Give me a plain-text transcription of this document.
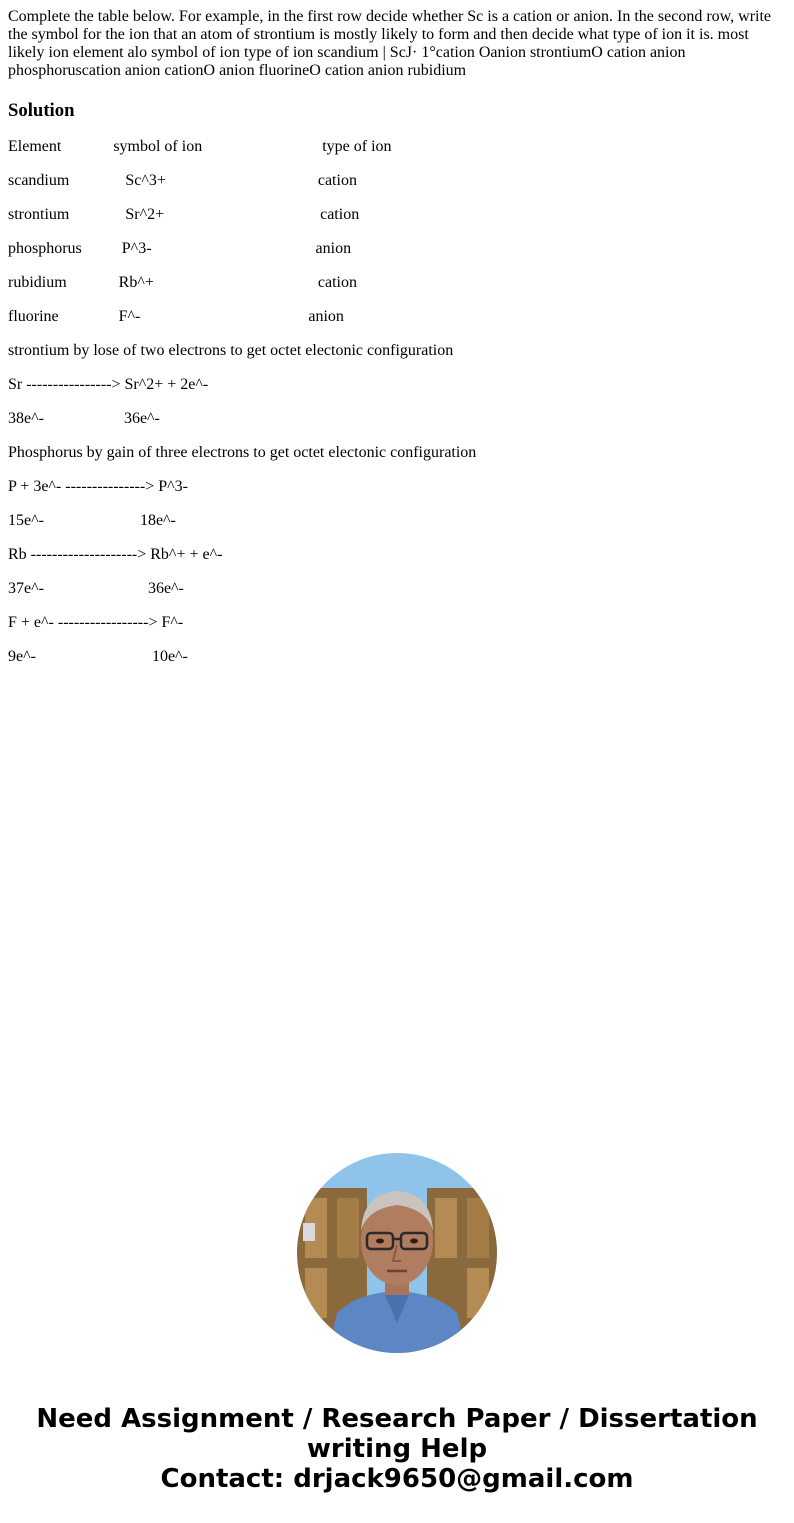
Complete the table below. For example, in the first row decide whether Sc is a cation or anion. In the second row, write the symbol for the ion that an atom of strontium is mostly likely to form and then decide what type of ion it is. most likely ion element alo symbol of ion type of ion scandium | ScJ· 1°cation Oanion strontiumO cation anion phosphoruscation anion cationO anion fluorineO cation anion rubidium

Solution
Element             symbol of ion                              type of ion
scandium              Sc^3+                                      cation
strontium              Sr^2+                                       cation
phosphorus          P^3-                                         anion
rubidium             Rb^+                                         cation
fluorine               F^-                                          anion
strontium by lose of two electrons to get octet electonic configuration
Sr ----------------> Sr^2+ + 2e^-
38e^-                    36e^-
Phosphorus by gain of three electrons to get octet electonic configuration
P + 3e^- ---------------> P^3-
15e^-                        18e^-
Rb --------------------> Rb^+ + e^-
37e^-                          36e^-
F + e^- -----------------> F^-
9e^-                             10e^-
Need Assignment / Research Paper / Dissertation
writing Help
Contact: drjack9650@gmail.com
